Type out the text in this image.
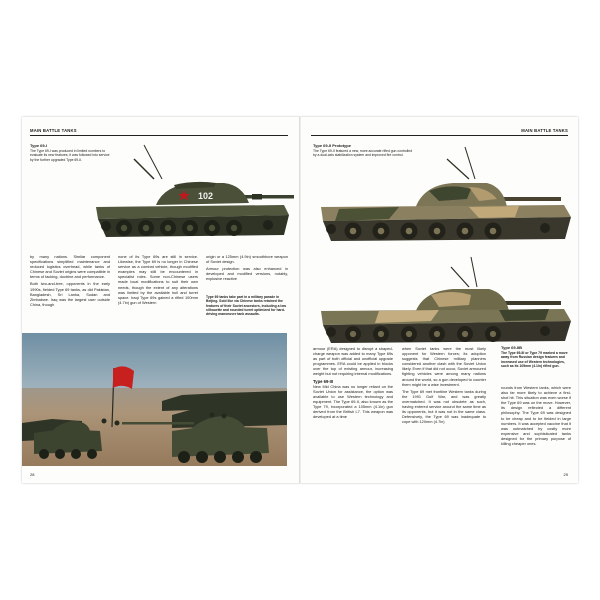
MAIN BATTLE TANKS
Type 69-I
The Type 69-I was produced in limited numbers to evaluate its new features; it was followed into service by the further upgraded Type 69-II.
102

by many nations. Similar component specifications simplified maintenance and reduced logistics overhead, while tanks of Chinese and Soviet origins were compatible in terms of tacking, doctrine and performance.

Both two-and-tree, opponents in the early 1990s, fielded Type 69 tanks, as did Pakistan, Bangladesh, Sri Lanka, Sudan and Zimbabwe. Iraq was the largest user outside China, though

none of its Type 69s are still in service. Likewise, the Type 69 is no longer in Chinese service as a combat vehicle, though modified examples may still be encountered in specialist roles. Some non-Chinese users made local modifications to suit their own needs, though the extent of any alterations was limited by the available hull and turret space. Iraqi Type 69s gained a rifled 100mm (4.7in) gun of Western

origin or a 125mm (4.9in) smoothbore weapon of Soviet design.

Armour protection was also enhanced in developed and modified versions, notably, explosive reactive

Type 69 tanks take part in a military parade in Beijing. Sold like via Chinese tanks retained the features of their Soviet ancestors, including a low silhouette and rounded turret optimized for hard-driving manoeuvre tank assaults.
28
MAIN BATTLE TANKS
Type 69-II Prototype
The Type 69-II featured a new, more accurate rifled gun controlled by a dual-axis stabilization system and improved fire control.
Type 69-IIB
The Type 69-III or Type 79 marked a move away from Russian design features and increased use of Western technologies, such as its 105mm (4.1in) rifled gun.

armour (ERA) designed to disrupt a shaped-charge weapon was added to many Type 69s as part of both official and unofficial upgrade programmes. ERA could be applied in blocks over the top of existing armour, increasing weight but not requiring internal modifications.

Type 69-III

New Mid China was no longer reliant on the Soviet Union for assistance, the option was available to use Western technology and equipment. The Type 69-II, also known as the Type 79, incorporated a 105mm (4.1in) gun derived from the British L7. This weapon was developed at a time

when Soviet tanks were the most likely opponent for Western forces; its adoption suggests that Chinese military planners considered another clash with the Soviet Union likely. Even if that did not occur, Soviet armoured fighting vehicles were among many nations around the world, so a gun developed to counter them might be a wise investment.

The Type 69 met frontline Western tanks during the 1991 Gulf War, and was greatly overmatched. It was not obsolete as such, having entered service around the same time as its opponents, but it was not in the same class. Defensively, the Type 69 was inadequate to cope with 120mm (4.7in)

rounds from Western tanks, which were also far more likely to achieve a first-shot hit. This situation was even worse if the Type 69 was on the move. However, its design reflected a different philosophy. The Type 69 was designed to be cheap and to be fielded in large numbers. It was accepted vaccine that it was outmatched by costly more expensive and sophisticated tanks designed for the primary purpose of killing cheaper ones.

29
